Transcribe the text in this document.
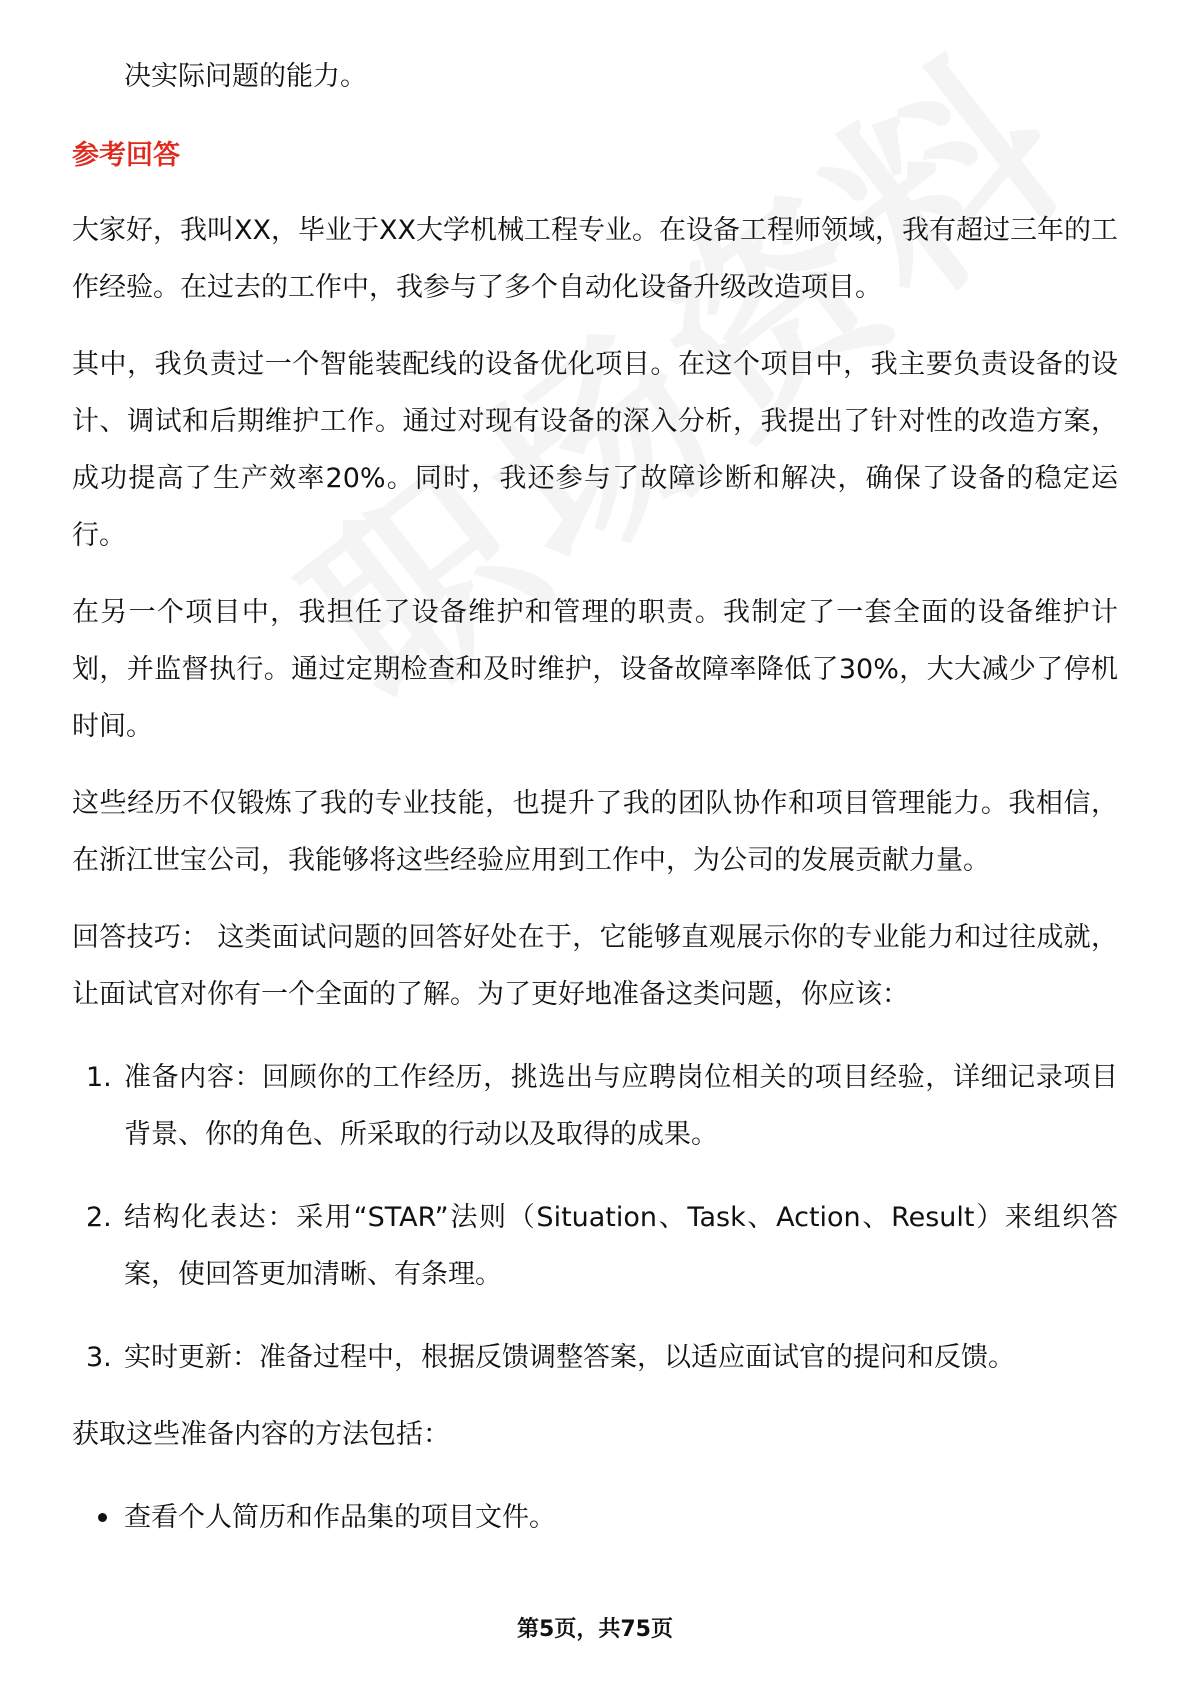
决实际问题的能力。

参考回答

大家好，我叫XX，毕业于XX大学机械工程专业。在设备工程师领域，我有超过三年的工作经验。在过去的工作中，我参与了多个自动化设备升级改造项目。

其中，我负责过一个智能装配线的设备优化项目。在这个项目中，我主要负责设备的设计、调试和后期维护工作。通过对现有设备的深入分析，我提出了针对性的改造方案，成功提高了生产效率20%。同时，我还参与了故障诊断和解决，确保了设备的稳定运行。

在另一个项目中，我担任了设备维护和管理的职责。我制定了一套全面的设备维护计划，并监督执行。通过定期检查和及时维护，设备故障率降低了30%，大大减少了停机时间。

这些经历不仅锻炼了我的专业技能，也提升了我的团队协作和项目管理能力。我相信，在浙江世宝公司，我能够将这些经验应用到工作中，为公司的发展贡献力量。

回答技巧： 这类面试问题的回答好处在于，它能够直观展示你的专业能力和过往成就，让面试官对你有一个全面的了解。为了更好地准备这类问题，你应该：

1. 准备内容：回顾你的工作经历，挑选出与应聘岗位相关的项目经验，详细记录项目背景、你的角色、所采取的行动以及取得的成果。
2. 结构化表达：采用“STAR”法则（Situation、Task、Action、Result）来组织答案，使回答更加清晰、有条理。
3. 实时更新：准备过程中，根据反馈调整答案，以适应面试官的提问和反馈。

获取这些准备内容的方法包括：

查看个人简历和作品集的项目文件。
第5页，共75页
